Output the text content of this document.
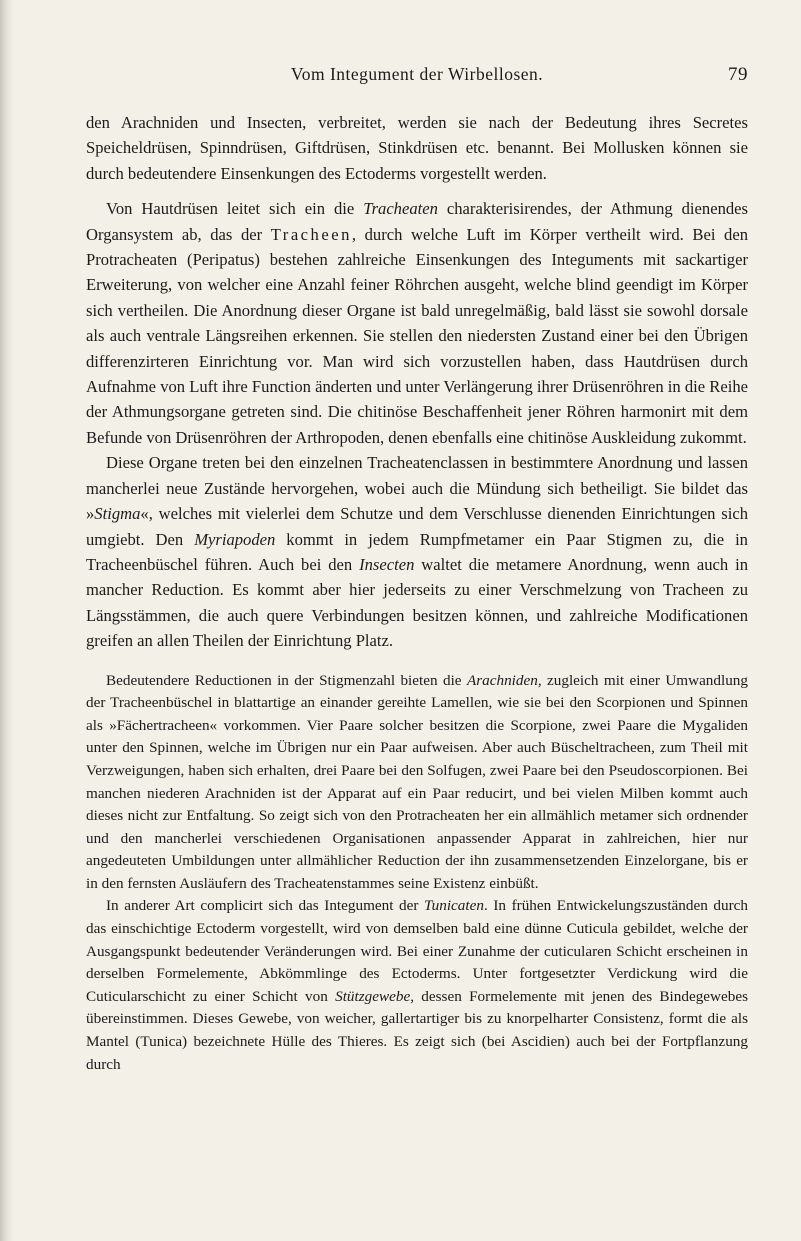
Vom Integument der Wirbellosen.	79

den Arachniden und Insecten, verbreitet, werden sie nach der Bedeutung ihres Secretes Speicheldrüsen, Spinndrüsen, Giftdrüsen, Stinkdrüsen etc. benannt. Bei Mollusken können sie durch bedeutendere Einsenkungen des Ectoderms vorgestellt werden.

Von Hautdrüsen leitet sich ein die Tracheaten charakterisirendes, der Athmung dienendes Organsystem ab, das der Tracheen, durch welche Luft im Körper vertheilt wird. Bei den Protracheaten (Peripatus) bestehen zahlreiche Einsenkungen des Integuments mit sackartiger Erweiterung, von welcher eine Anzahl feiner Röhrchen ausgeht, welche blind geendigt im Körper sich vertheilen. Die Anordnung dieser Organe ist bald unregelmäßig, bald lässt sie sowohl dorsale als auch ventrale Längsreihen erkennen. Sie stellen den niedersten Zustand einer bei den Übrigen differenzirteren Einrichtung vor. Man wird sich vorzustellen haben, dass Hautdrüsen durch Aufnahme von Luft ihre Function änderten und unter Verlängerung ihrer Drüsenröhren in die Reihe der Athmungsorgane getreten sind. Die chitinöse Beschaffenheit jener Röhren harmonirt mit dem Befunde von Drüsenröhren der Arthropoden, denen ebenfalls eine chitinöse Auskleidung zukommt.

Diese Organe treten bei den einzelnen Tracheatenclassen in bestimmtere Anordnung und lassen mancherlei neue Zustände hervorgehen, wobei auch die Mündung sich betheiligt. Sie bildet das »Stigma«, welches mit vielerlei dem Schutze und dem Verschlusse dienenden Einrichtungen sich umgiebt. Den Myriapoden kommt in jedem Rumpfmetamer ein Paar Stigmen zu, die in Tracheenbüschel führen. Auch bei den Insecten waltet die metamere Anordnung, wenn auch in mancher Reduction. Es kommt aber hier jederseits zu einer Verschmelzung von Tracheen zu Längsstämmen, die auch quere Verbindungen besitzen können, und zahlreiche Modificationen greifen an allen Theilen der Einrichtung Platz.

Bedeutendere Reductionen in der Stigmenzahl bieten die Arachniden, zugleich mit einer Umwandlung der Tracheenbüschel in blattartige an einander gereihte Lamellen, wie sie bei den Scorpionen und Spinnen als »Fächertracheen« vorkommen. Vier Paare solcher besitzen die Scorpione, zwei Paare die Mygaliden unter den Spinnen, welche im Übrigen nur ein Paar aufweisen. Aber auch Büscheltracheen, zum Theil mit Verzweigungen, haben sich erhalten, drei Paare bei den Solfugen, zwei Paare bei den Pseudoscorpionen. Bei manchen niederen Arachniden ist der Apparat auf ein Paar reducirt, und bei vielen Milben kommt auch dieses nicht zur Entfaltung. So zeigt sich von den Protracheaten her ein allmählich metamer sich ordnender und den mancherlei verschiedenen Organisationen anpassender Apparat in zahlreichen, hier nur angedeuteten Umbildungen unter allmählicher Reduction der ihn zusammensetzenden Einzelorgane, bis er in den fernsten Ausläufern des Tracheatenstammes seine Existenz einbüßt.

In anderer Art complicirt sich das Integument der Tunicaten. In frühen Entwickelungszuständen durch das einschichtige Ectoderm vorgestellt, wird von demselben bald eine dünne Cuticula gebildet, welche der Ausgangspunkt bedeutender Veränderungen wird. Bei einer Zunahme der cuticularen Schicht erscheinen in derselben Formelemente, Abkömmlinge des Ectoderms. Unter fortgesetzter Verdickung wird die Cuticularschicht zu einer Schicht von Stützgewebe, dessen Formelemente mit jenen des Bindegewebes übereinstimmen. Dieses Gewebe, von weicher, gallertartiger bis zu knorpelharter Consistenz, formt die als Mantel (Tunica) bezeichnete Hülle des Thieres. Es zeigt sich (bei Ascidien) auch bei der Fortpflanzung durch
